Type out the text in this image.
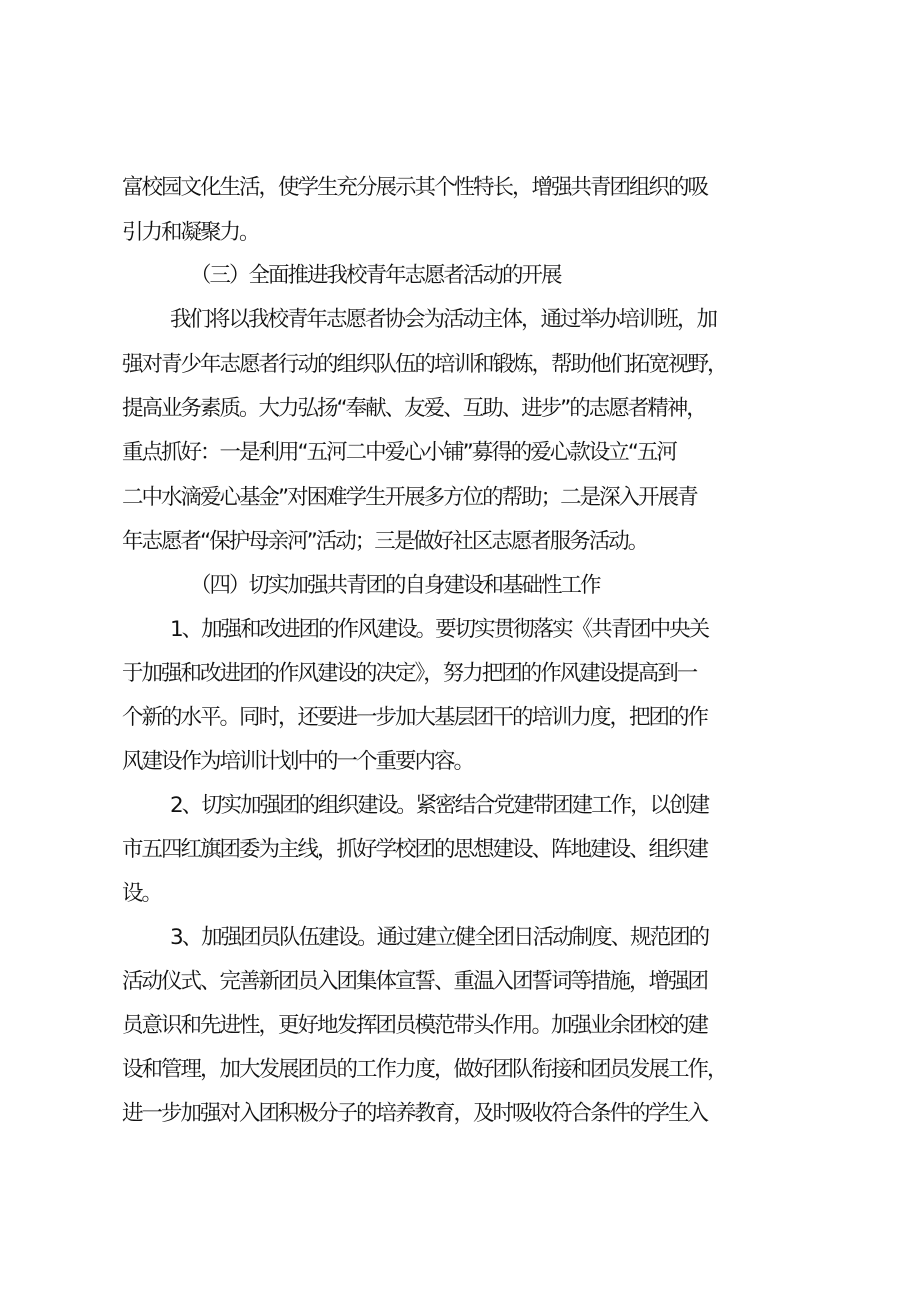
富校园文化生活，使学生充分展示其个性特长，增强共青团组织的吸
引力和凝聚力。
（三）全面推进我校青年志愿者活动的开展
我们将以我校青年志愿者协会为活动主体，通过举办培训班，加
强对青少年志愿者行动的组织队伍的培训和锻炼，帮助他们拓宽视野，
提高业务素质。大力弘扬“奉献、友爱、互助、进步”的志愿者精神，
重点抓好：一是利用“五河二中爱心小铺”募得的爱心款设立“五河
二中水滴爱心基金”对困难学生开展多方位的帮助；二是深入开展青
年志愿者“保护母亲河”活动；三是做好社区志愿者服务活动。
（四）切实加强共青团的自身建设和基础性工作
1、加强和改进团的作风建设。要切实贯彻落实《共青团中央关
于加强和改进团的作风建设的决定》，努力把团的作风建设提高到一
个新的水平。同时，还要进一步加大基层团干的培训力度，把团的作
风建设作为培训计划中的一个重要内容。
2、切实加强团的组织建设。紧密结合党建带团建工作，以创建
市五四红旗团委为主线，抓好学校团的思想建设、阵地建设、组织建
设。
3、加强团员队伍建设。通过建立健全团日活动制度、规范团的
活动仪式、完善新团员入团集体宣誓、重温入团誓词等措施，增强团
员意识和先进性，更好地发挥团员模范带头作用。加强业余团校的建
设和管理，加大发展团员的工作力度，做好团队衔接和团员发展工作，
进一步加强对入团积极分子的培养教育，及时吸收符合条件的学生入
